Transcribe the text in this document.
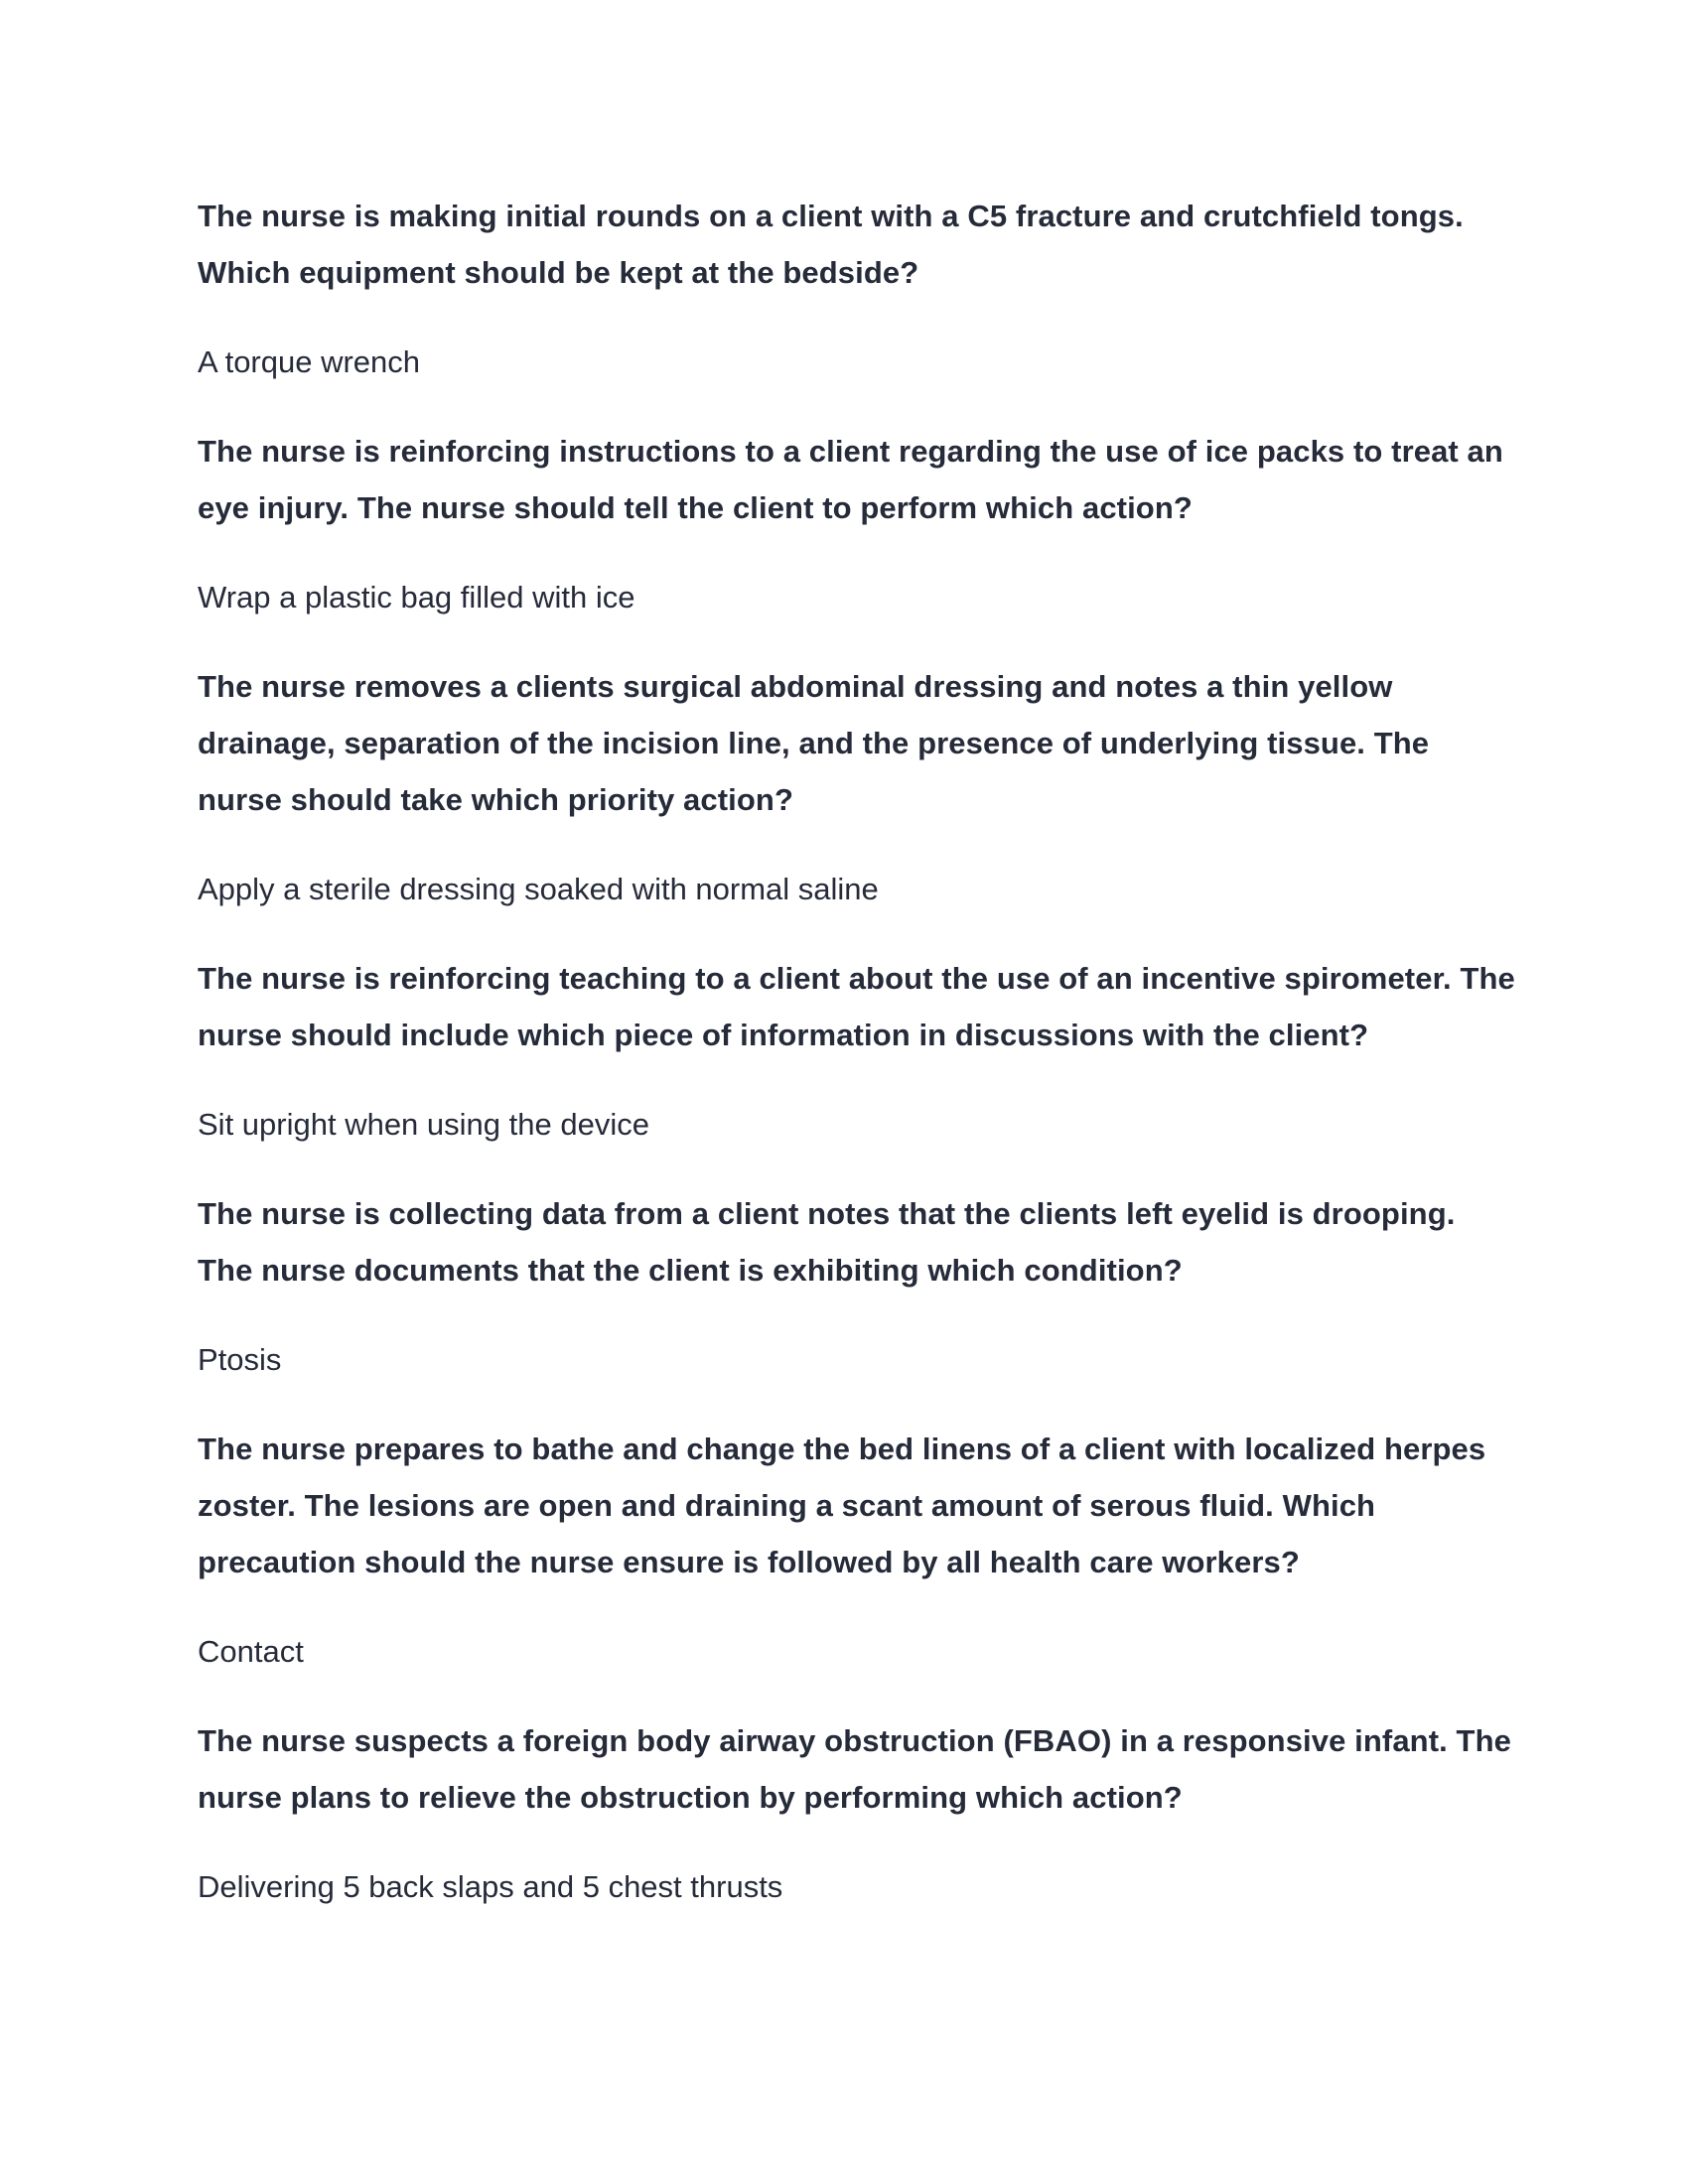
The nurse is making initial rounds on a client with a C5 fracture and crutchfield tongs. Which equipment should be kept at the bedside?

A torque wrench

The nurse is reinforcing instructions to a client regarding the use of ice packs to treat an eye injury. The nurse should tell the client to perform which action?

Wrap a plastic bag filled with ice

The nurse removes a clients surgical abdominal dressing and notes a thin yellow drainage, separation of the incision line, and the presence of underlying tissue. The nurse should take which priority action?

Apply a sterile dressing soaked with normal saline

The nurse is reinforcing teaching to a client about the use of an incentive spirometer. The nurse should include which piece of information in discussions with the client?

Sit upright when using the device

The nurse is collecting data from a client notes that the clients left eyelid is drooping. The nurse documents that the client is exhibiting which condition?

Ptosis

The nurse prepares to bathe and change the bed linens of a client with localized herpes zoster. The lesions are open and draining a scant amount of serous fluid. Which precaution should the nurse ensure is followed by all health care workers?

Contact

The nurse suspects a foreign body airway obstruction (FBAO) in a responsive infant. The nurse plans to relieve the obstruction by performing which action?

Delivering 5 back slaps and 5 chest thrusts
